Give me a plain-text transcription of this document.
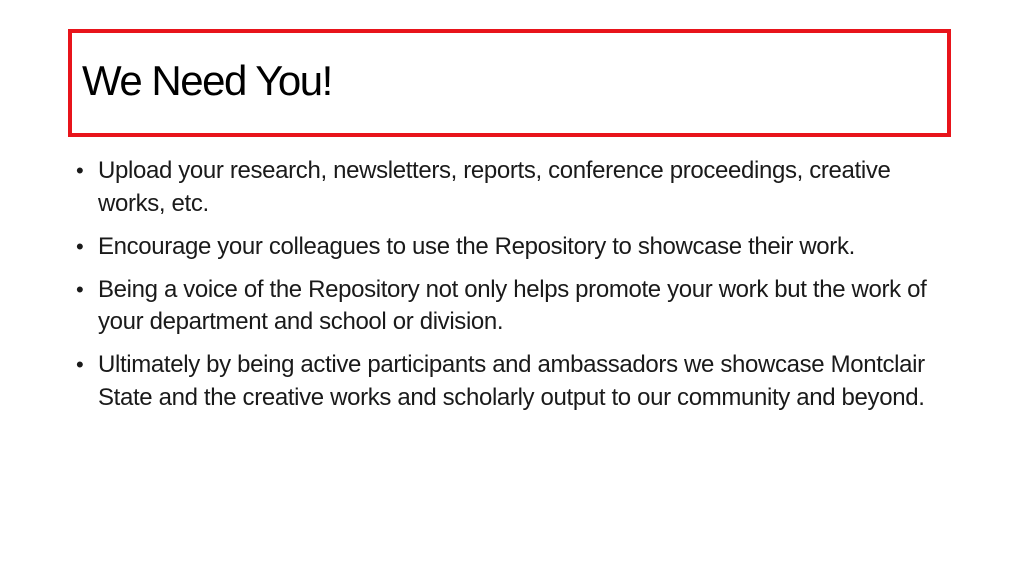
We Need You!
• Upload your research, newsletters, reports, conference proceedings, creative works, etc.
• Encourage your colleagues to use the Repository to showcase their work.
• Being a voice of the Repository not only helps promote your work but the work of your department and school or division.
• Ultimately by being active participants and ambassadors we showcase Montclair State and the creative works and scholarly output to our community and beyond.
